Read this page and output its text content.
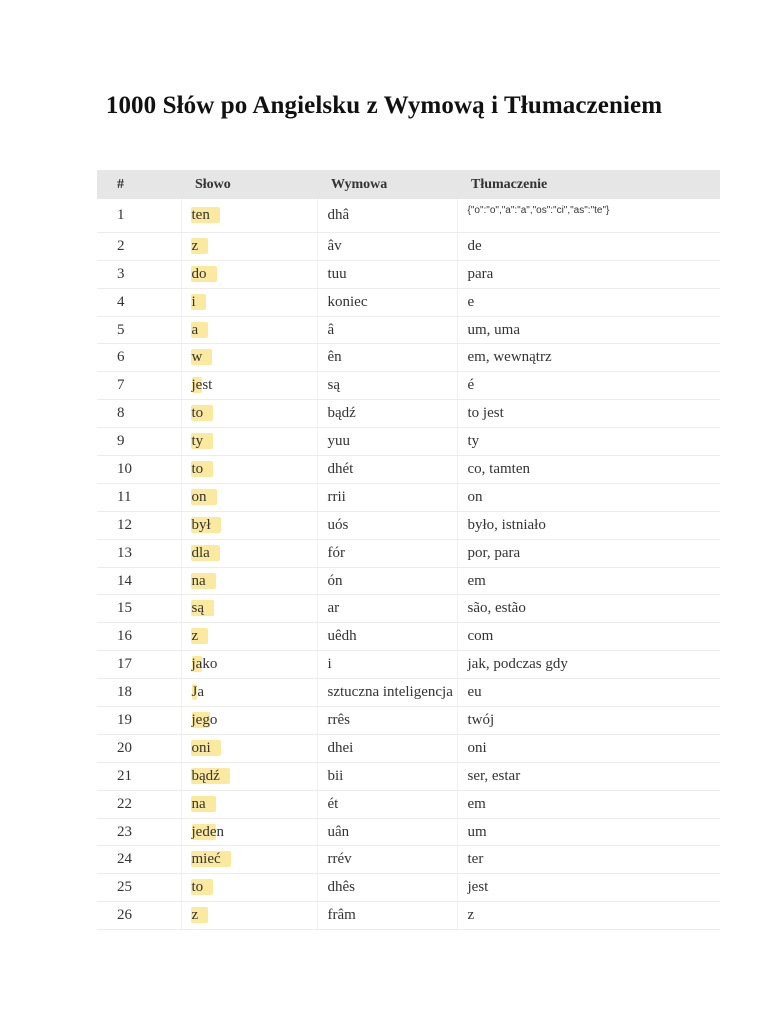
1000 Słów po Angielsku z Wymową i Tłumaczeniem
#	Słowo	Wymowa	Tłumaczenie
1	ten	dhâ	{"o":"o","a":"a","os":"ci","as":"te"}
2	z	âv	de
3	do	tuu	para
4	i	koniec	e
5	a	â	um, uma
6	w	ên	em, wewnątrz
7	jest	są	é
8	to	bądź	to jest
9	ty	yuu	ty
10	to	dhét	co, tamten
11	on	rrii	on
12	był	uós	było, istniało
13	dla	fór	por, para
14	na	ón	em
15	są	ar	são, estão
16	z	uêdh	com
17	jako	i	jak, podczas gdy
18	Ja	sztuczna inteligencja	eu
19	jego	rrês	twój
20	oni	dhei	oni
21	bądź	bii	ser, estar
22	na	ét	em
23	jeden	uân	um
24	mieć	rrév	ter
25	to	dhês	jest
26	z	frâm	z
